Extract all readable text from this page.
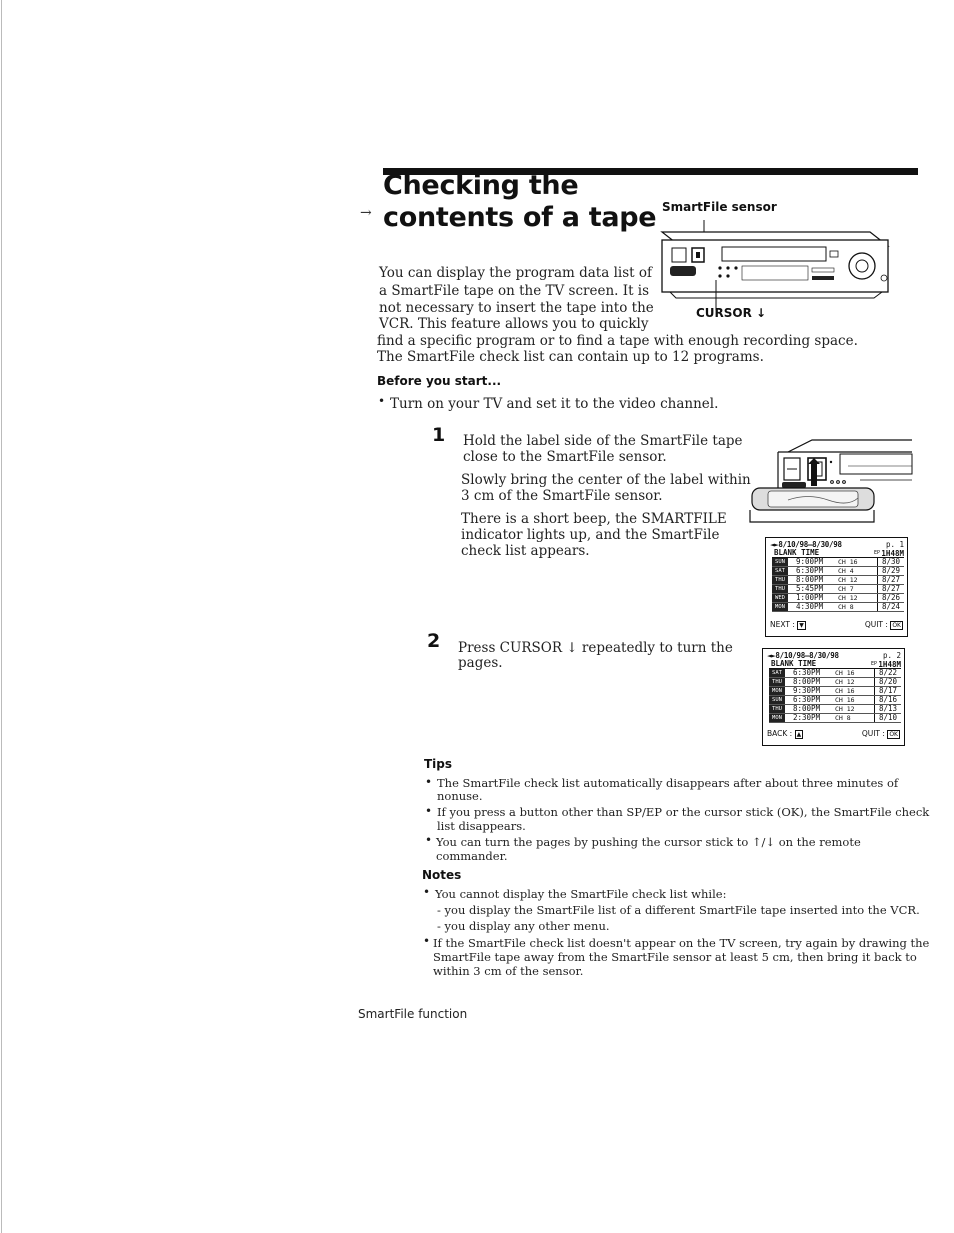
Checking the
contents of a tape
→	SmartFile sensor
CURSOR ↓
You can display the program data list of
a SmartFile tape on the TV screen. It is
not necessary to insert the tape into the
VCR. This feature allows you to quickly
find a specific program or to find a tape with enough recording space.
The SmartFile check list can contain up to 12 programs.
Before you start...
• Turn on your TV and set it to the video channel.
1 Hold the label side of the SmartFile tape
close to the SmartFile sensor.
Slowly bring the center of the label within
3 cm of the SmartFile sensor.
There is a short beep, the SMARTFILE
indicator lights up, and the SmartFile
check list appears.	◄►8/10/98–8/30/98	p. 1
BLANK TIME	EP 1H48M
SUN	9:00PM CH 16	8/30
SAT	6:30PM CH 4	8/29
THU	8:00PM CH 12	8/27
THU	5:45PM CH 7	8/27
WED	1:00PM CH 12	8/26
MON	4:30PM CH 8	8/24
NEXT : ▼	QUIT : OK
2 Press CURSOR ↓ repeatedly to turn the
pages.	◄►8/10/98–8/30/98	p. 2
BLANK TIME	EP 1H48M
SAT	6:30PM CH 16	8/22
THU	8:00PM CH 12	8/20
MON	9:30PM CH 16	8/17
SUN	6:30PM CH 16	8/16
THU	8:00PM CH 12	8/13
MON	2:30PM CH 8	8/10
BACK : ▲	QUIT : OK
Tips
• The SmartFile check list automatically disappears after about three minutes of
nonuse.
• If you press a button other than SP/EP or the cursor stick (OK), the SmartFile check
list disappears.
• You can turn the pages by pushing the cursor stick to ↑/↓ on the remote
commander.
Notes
• You cannot display the SmartFile check list while:
- you display the SmartFile list of a different SmartFile tape inserted into the VCR.
- you display any other menu.
• If the SmartFile check list doesn't appear on the TV screen, try again by drawing the
SmartFile tape away from the SmartFile sensor at least 5 cm, then bring it back to
within 3 cm of the sensor.
SmartFile function
